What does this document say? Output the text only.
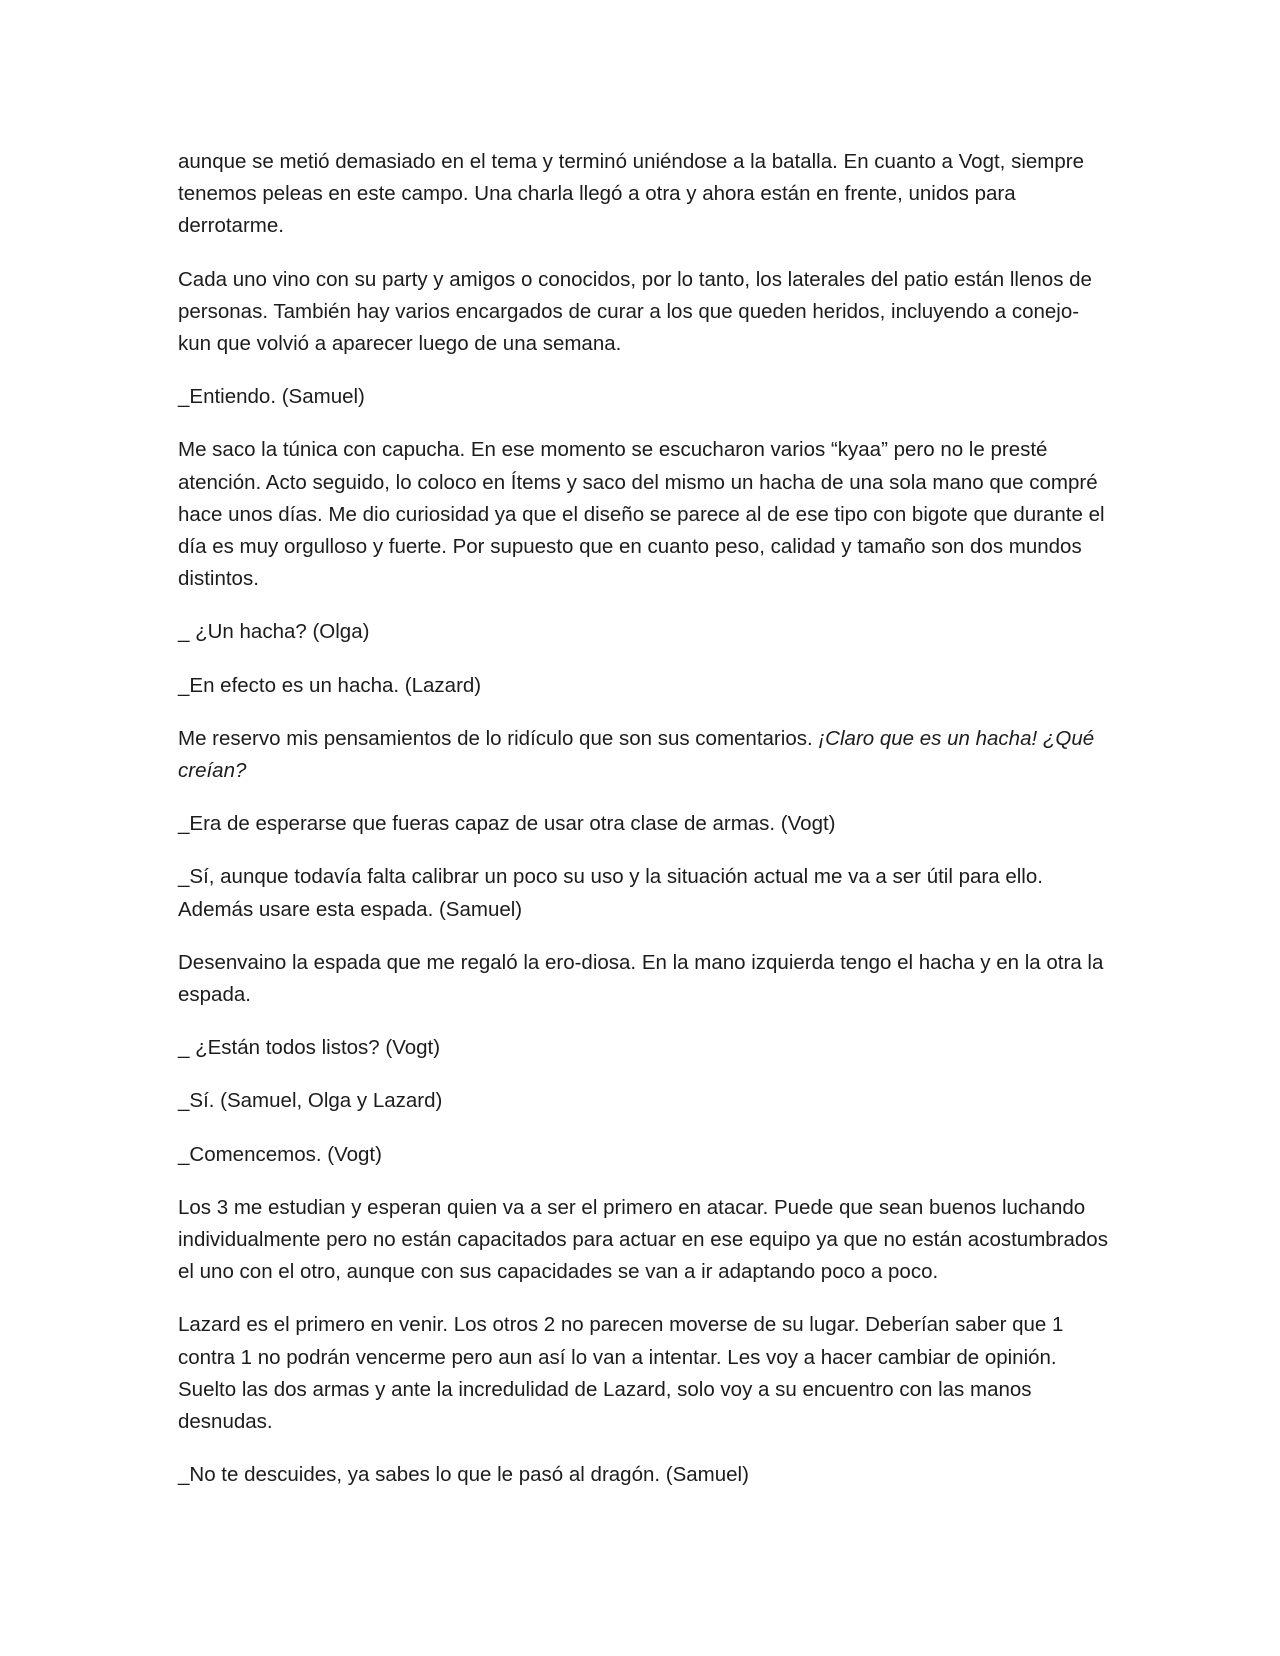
aunque se metió demasiado en el tema y terminó uniéndose a la batalla. En cuanto a Vogt, siempre tenemos peleas en este campo. Una charla llegó a otra y ahora están en frente, unidos para derrotarme.

Cada uno vino con su party y amigos o conocidos, por lo tanto, los laterales del patio están llenos de personas. También hay varios encargados de curar a los que queden heridos, incluyendo a conejo-kun que volvió a aparecer luego de una semana.

_Entiendo. (Samuel)

Me saco la túnica con capucha. En ese momento se escucharon varios “kyaa” pero no le presté atención. Acto seguido, lo coloco en Ítems y saco del mismo un hacha de una sola mano que compré hace unos días. Me dio curiosidad ya que el diseño se parece al de ese tipo con bigote que durante el día es muy orgulloso y fuerte. Por supuesto que en cuanto peso, calidad y tamaño son dos mundos distintos.

_ ¿Un hacha? (Olga)

_En efecto es un hacha. (Lazard)

Me reservo mis pensamientos de lo ridículo que son sus comentarios. ¡Claro que es un hacha! ¿Qué creían?

_Era de esperarse que fueras capaz de usar otra clase de armas. (Vogt)

_Sí, aunque todavía falta calibrar un poco su uso y la situación actual me va a ser útil para ello. Además usare esta espada. (Samuel)

Desenvaino la espada que me regaló la ero-diosa. En la mano izquierda tengo el hacha y en la otra la espada.

_ ¿Están todos listos? (Vogt)

_Sí. (Samuel, Olga y Lazard)

_Comencemos. (Vogt)

Los 3 me estudian y esperan quien va a ser el primero en atacar. Puede que sean buenos luchando individualmente pero no están capacitados para actuar en ese equipo ya que no están acostumbrados el uno con el otro, aunque con sus capacidades se van a ir adaptando poco a poco.

Lazard es el primero en venir. Los otros 2 no parecen moverse de su lugar. Deberían saber que 1 contra 1 no podrán vencerme pero aun así lo van a intentar. Les voy a hacer cambiar de opinión. Suelto las dos armas y ante la incredulidad de Lazard, solo voy a su encuentro con las manos desnudas.

_No te descuides, ya sabes lo que le pasó al dragón. (Samuel)
